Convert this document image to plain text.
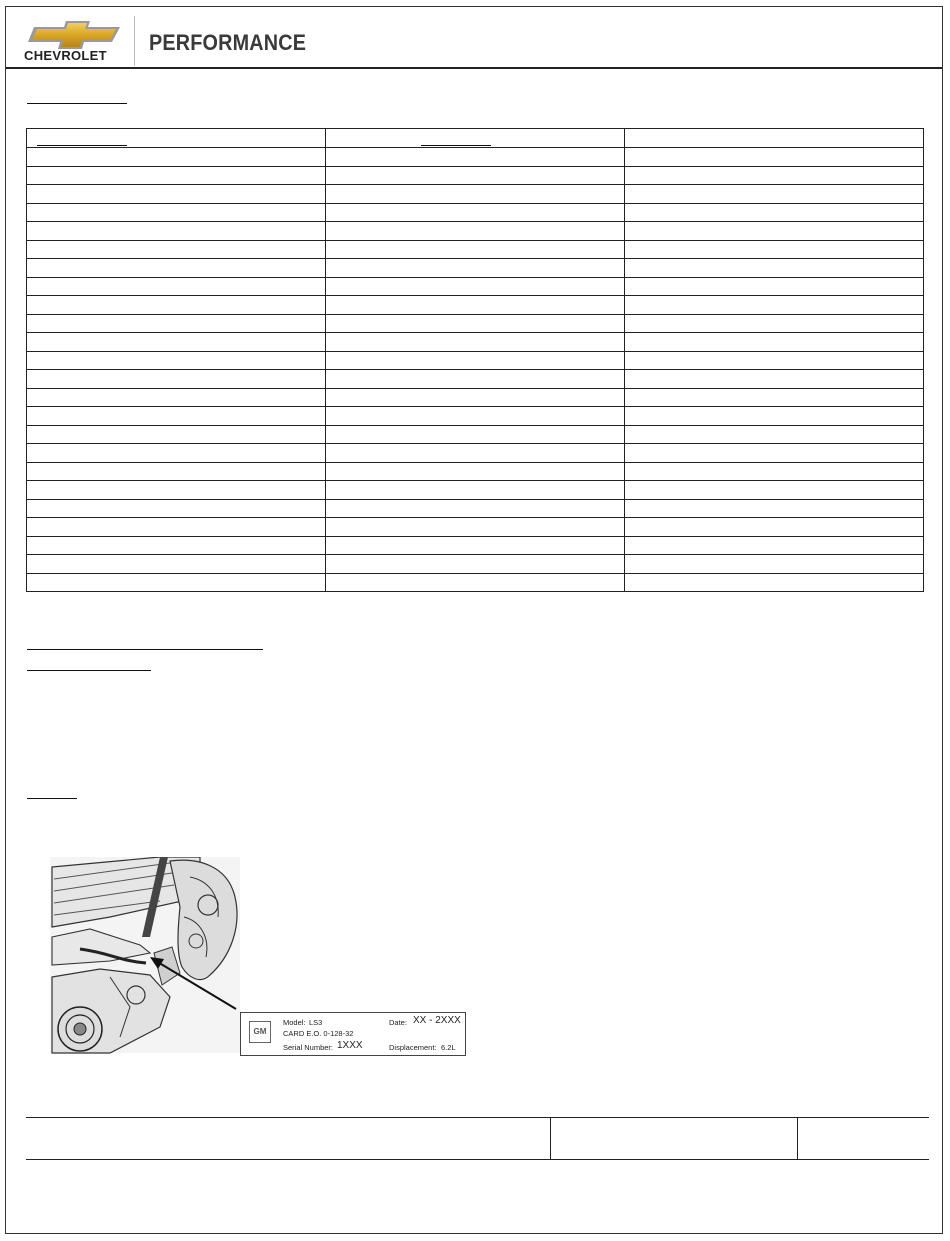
CHEVROLET
PERFORMANCE

GM
Model: LS3	Date: XX - 2XXX
CARD E.O. 0-128-32
Serial Number: 1XXX	Displacement: 6.2L
